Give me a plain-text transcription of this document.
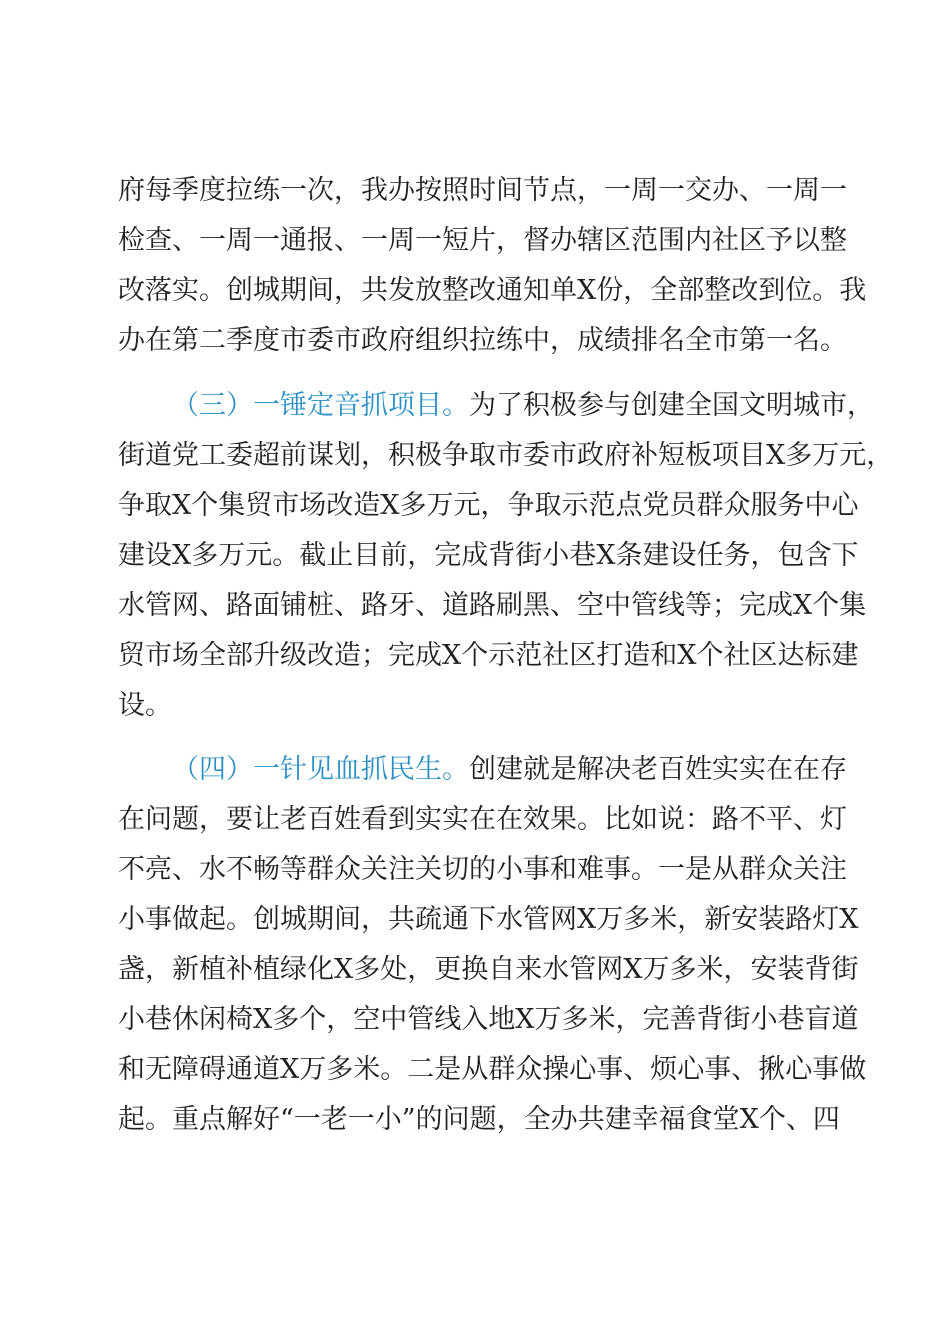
府每季度拉练一次，我办按照时间节点，一周一交办、一周一
检查、一周一通报、一周一短片，督办辖区范围内社区予以整
改落实。创城期间，共发放整改通知单X份，全部整改到位。我
办在第二季度市委市政府组织拉练中，成绩排名全市第一名。
（三）一锤定音抓项目。为了积极参与创建全国文明城市，
街道党工委超前谋划，积极争取市委市政府补短板项目X多万元，
争取X个集贸市场改造X多万元，争取示范点党员群众服务中心
建设X多万元。截止目前，完成背街小巷X条建设任务，包含下
水管网、路面铺桩、路牙、道路刷黑、空中管线等；完成X个集
贸市场全部升级改造；完成X个示范社区打造和X个社区达标建
设。
（四）一针见血抓民生。创建就是解决老百姓实实在在存
在问题，要让老百姓看到实实在在效果。比如说：路不平、灯
不亮、水不畅等群众关注关切的小事和难事。一是从群众关注
小事做起。创城期间，共疏通下水管网X万多米，新安装路灯X
盏，新植补植绿化X多处，更换自来水管网X万多米，安装背街
小巷休闲椅X多个，空中管线入地X万多米，完善背街小巷盲道
和无障碍通道X万多米。二是从群众操心事、烦心事、揪心事做
起。重点解好“一老一小”的问题，全办共建幸福食堂X个、四
